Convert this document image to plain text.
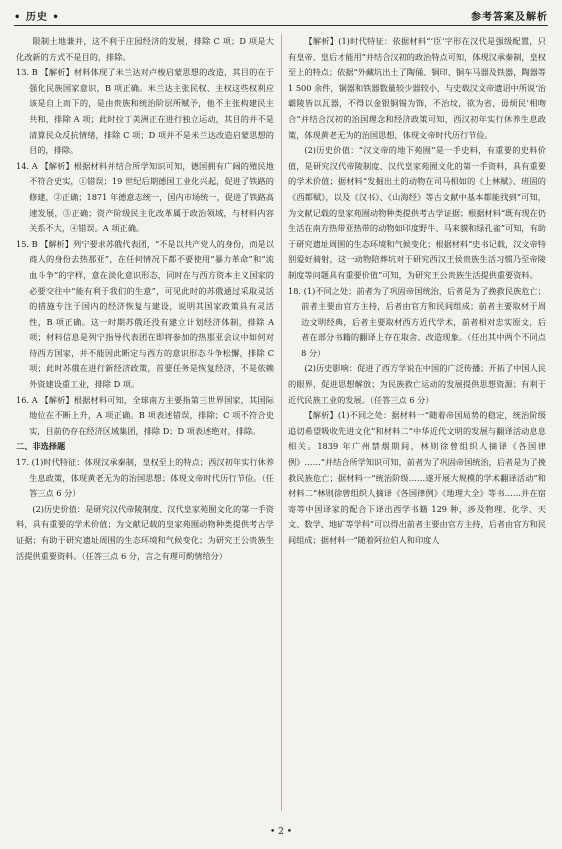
• 历史 •	参考答案及解析

限制土地兼并，这不利于庄园经济的发展，排除 C 项；D 项是大化改新的方式不是目的，排除。

13. B 【解析】材料体现了米兰达对卢梭启蒙思想的改造，其目的在于强化民族国家意识，B 项正确。米兰达主张民权、主权这些权利应该是自上而下的，是由贵族和统治阶层所赋予，他不主张构建民主共和，排除 A 项；此时拉丁美洲正在进行独立运动，其目的并不是清算民众反抗情绪，排除 C 项；D 项并不是米兰达改造启蒙思想的目的，排除。

14. A 【解析】根据材料并结合所学知识可知，德国拥有广阔的殖民地不符合史实，①错误；19 世纪后期德国工业化兴起，促进了铁路的修建，②正确；1871 年德意志统一，国内市场统一，促进了铁路高速发展，③正确；资产阶级民主化改革属于政治领域，与材料内容关系不大，④错误。A 项正确。

15. B 【解析】列宁要求苏俄代表团，“不是以共产党人的身份，而是以商人的身份去热那亚”，在任何情况下都不要使用“暴力革命”和“流血斗争”的字样，意在淡化意识形态，同时在与西方资本主义国家的必要交往中“能有利于我们的生意”，可见此时的苏俄通过采取灵活的措施专注于国内的经济恢复与建设，说明其国家政策具有灵活性，B 项正确。这一时期苏俄还没有建立计划经济体制，排除 A 项；材料信息是列宁指导代表团在即将参加的热那亚会议中如何对待西方国家，并不能因此断定与西方的意识形态斗争松懈，排除 C 项；此时苏俄在进行新经济政策，首要任务是恢复经济，不是依赖外资建设重工业，排除 D 项。

16. A 【解析】根据材料可知，全球南方主要指第三世界国家，其国际地位在不断上升，A 项正确。B 项表述错误，排除；C 项不符合史实，目前仍存在经济区域集团，排除 D；D 项表述绝对，排除。

二、非选择题

17. (1)时代特征：体现汉承秦制，皇权至上的特点；西汉初年实行休养生息政策，体现黄老无为的治国思想；体现文帝时代历行节俭。（任答三点 6 分）

(2)历史价值：是研究汉代帝陵制度、汉代皇家苑囿文化的第一手资料，具有重要的学术价值；为文献记载的皇家苑囿动物种类提供考古学证据；有助于研究遗址周围的生态环境和气候变化；为研究王公贵族生活提供重要资料。（任答三点 6 分，言之有理可酌情给分）

【解析】(1)时代特征：依据材料“‘臣’字形在汉代是强级配置，只有皇帝、皇后才能用”并结合汉初的政治特点可知，体现汉承秦制，皇权至上的特点；依据“外藏坑出土了陶俑、铜印、铜车马器及铁器，陶器等 1 500 余件，铜器和铁器数量较少器较小，与史载汉文帝遗诏中所说‘治霸陵皆以瓦器，不得以金银铜锡为饰，不治坟，欲为省，毋烦民’相吻合”并结合汉初的治国理念和经济政策可知，西汉初年实行休养生息政策，体现黄老无为的治国思想，体现文帝时代历行节俭。

(2)历史价值：“汉文帝的地下苑囿”是一手史料，有重要的史料价值，是研究汉代帝陵制度、汉代皇家苑囿文化的第一手资料，具有重要的学术价值；据材料“发掘出土的动物在司马相如的《上林赋》、班固的《西都赋》，以及《汉书》、《山海经》等古文献中基本都能找到”可知，为文献记载的皇家苑囿动物种类提供考古学证据；根据材料“既有现在仍生活在南方热带亚热带的动物如印度野牛、马来貘和绿孔雀”可知，有助于研究遗址周围的生态环境和气候变化；根据材料“史书记载，汉文帝特别爱好骑射，这一动物陪葬坑对于研究西汉王侯贵族生活习惯乃至帝陵制度等问题具有重要价值”可知，为研究王公贵族生活提供重要资料。

18. (1)不同之处：前者为了巩固帝国统治，后者是为了挽救民族危亡；前者主要由官方主持，后者由官方和民间组成；前者主要取材于周边文明经典，后者主要取材西方近代学术，前者相对忠实原文，后者在部分书籍的翻译上存在取舍、改造现象。（任出其中两个不同点 8 分）

(2)历史影响：促进了西方学说在中国的广泛传播；开拓了中国人民的眼界，促进思想解放；为民族救亡运动的发展提供思想资源；有利于近代民族工业的发展。（任答三点 6 分）

【解析】(1)不同之处：据材料一“随着帝国局势的稳定，统治阶级追切希望吸收先进文化”和材料二“中华近代文明的发展与翻译活动息息相关。1839 年广州禁烟期间，林则徐曾组织人摘译《各国律例》……”并结合所学知识可知，前者为了巩固帝国统治，后者是为了挽救民族危亡；据材料一“统治阶级……遂开展大规模的学术翻译活动”和材料二“林则徐曾组织人摘译《各国律例》《地理大全》等书……并在宿寄等中国译家的配合下译出西学书籍 129 种，涉及物理、化学、天文、数学、地矿等学科”可以得出前者主要由官方主持，后者由官方和民间组成；据材料一“随着阿拉伯人和印度人

• 2 •
